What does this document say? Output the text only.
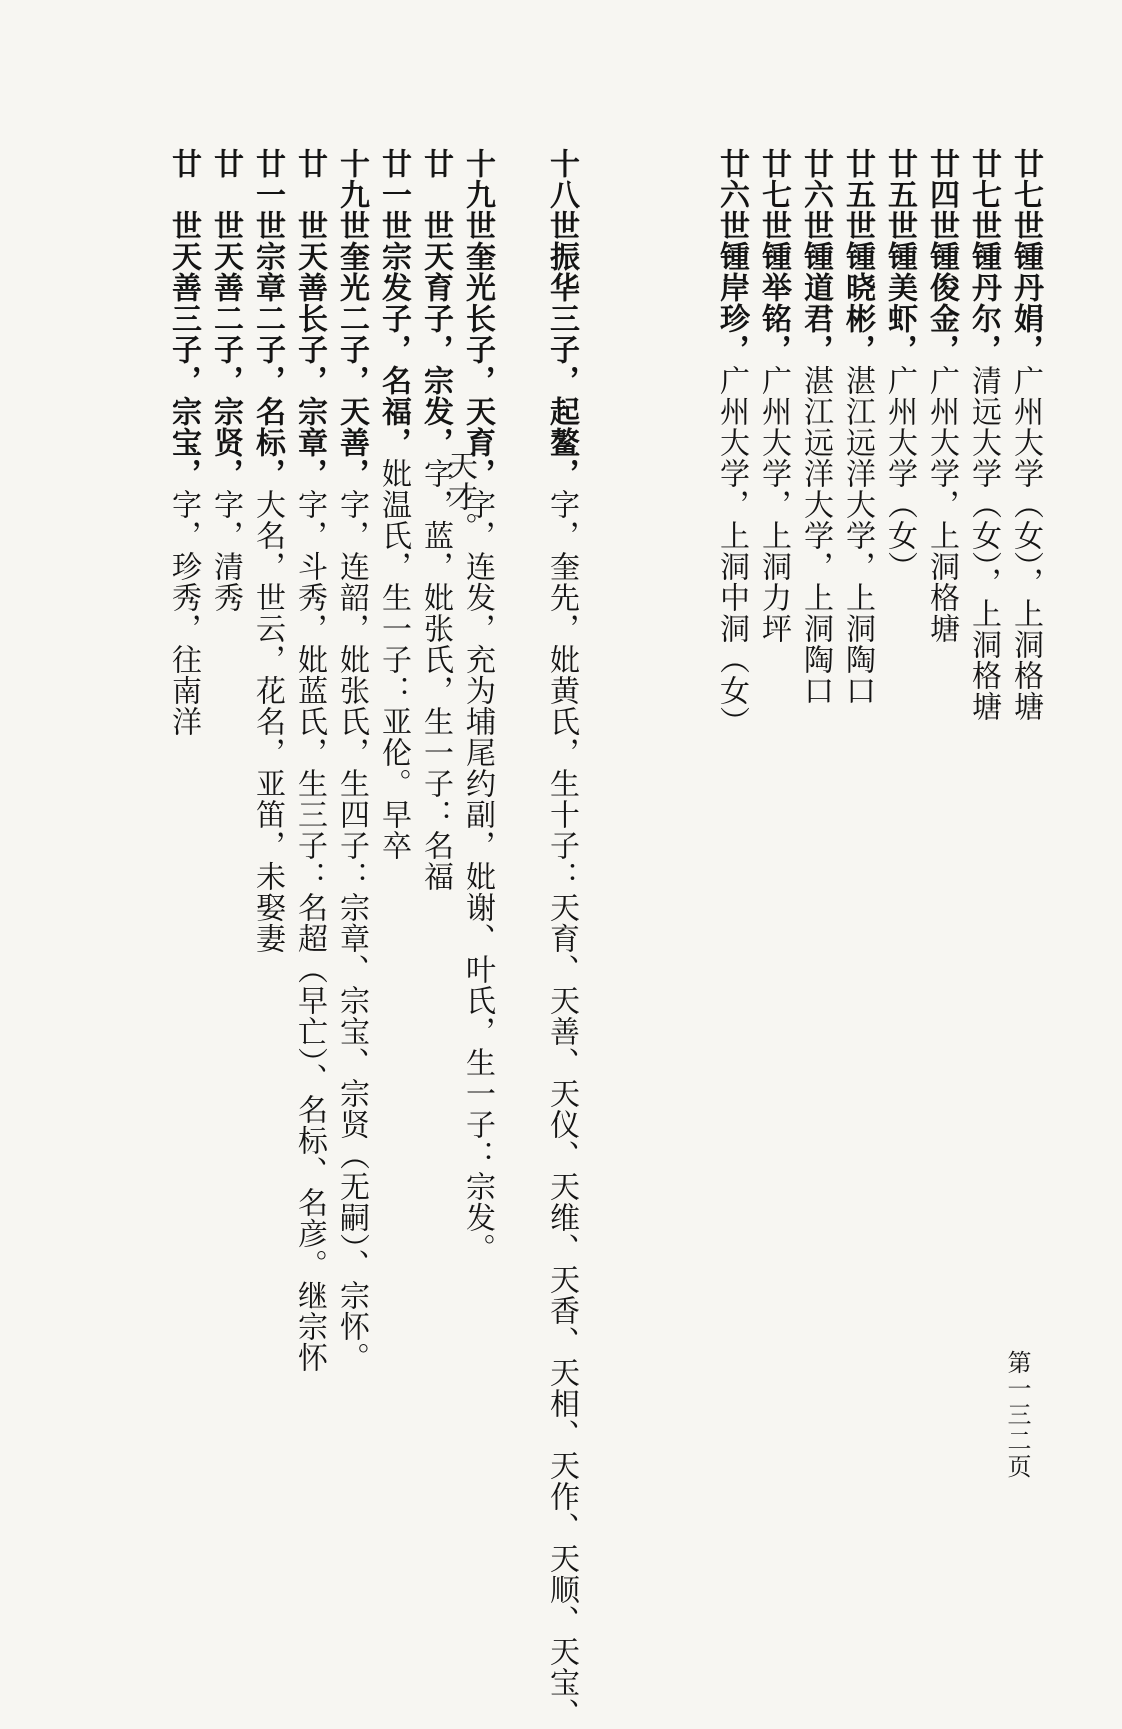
廿七世锺丹娟，广州大学（女），上洞格塘
廿七世锺丹尔，清远大学（女），上洞格塘
廿四世锺俊金，广州大学，上洞格塘
廿五世锺美虾，广州大学（女）
廿五世锺晓彬，湛江远洋大学，上洞陶口
廿六世锺道君，湛江远洋大学，上洞陶口
廿七世锺举铭，广州大学，上洞力坪
廿六世锺岸珍，广州大学，上洞中洞（女）
十八世振华三子，起鳌，字，奎先，妣黄氏，生十子：天育、天善、天仪、天维、天香、天相、天作、天顺、天宝、
天才。
十九世奎光长子，天育，字，连发，充为埔尾约副，妣谢、叶氏，生一子：宗发。
廿　世天育子，宗发，字，蓝，妣张氏，生一子：名福
廿一世宗发子，名福，妣温氏，生一子：亚伦。早卒
十九世奎光二子，天善，字，连韶，妣张氏，生四子：宗章、宗宝、宗贤（无嗣）、宗怀。
廿　世天善长子，宗章，字，斗秀，妣蓝氏，生三子：名超（早亡）、名标、名彦。继宗怀
廿一世宗章二子，名标，大名，世云，花名，亚笛，未娶妻
廿　世天善二子，宗贤，字，清秀
廿　世天善三子，宗宝，字，珍秀，往南洋
第一三二页
